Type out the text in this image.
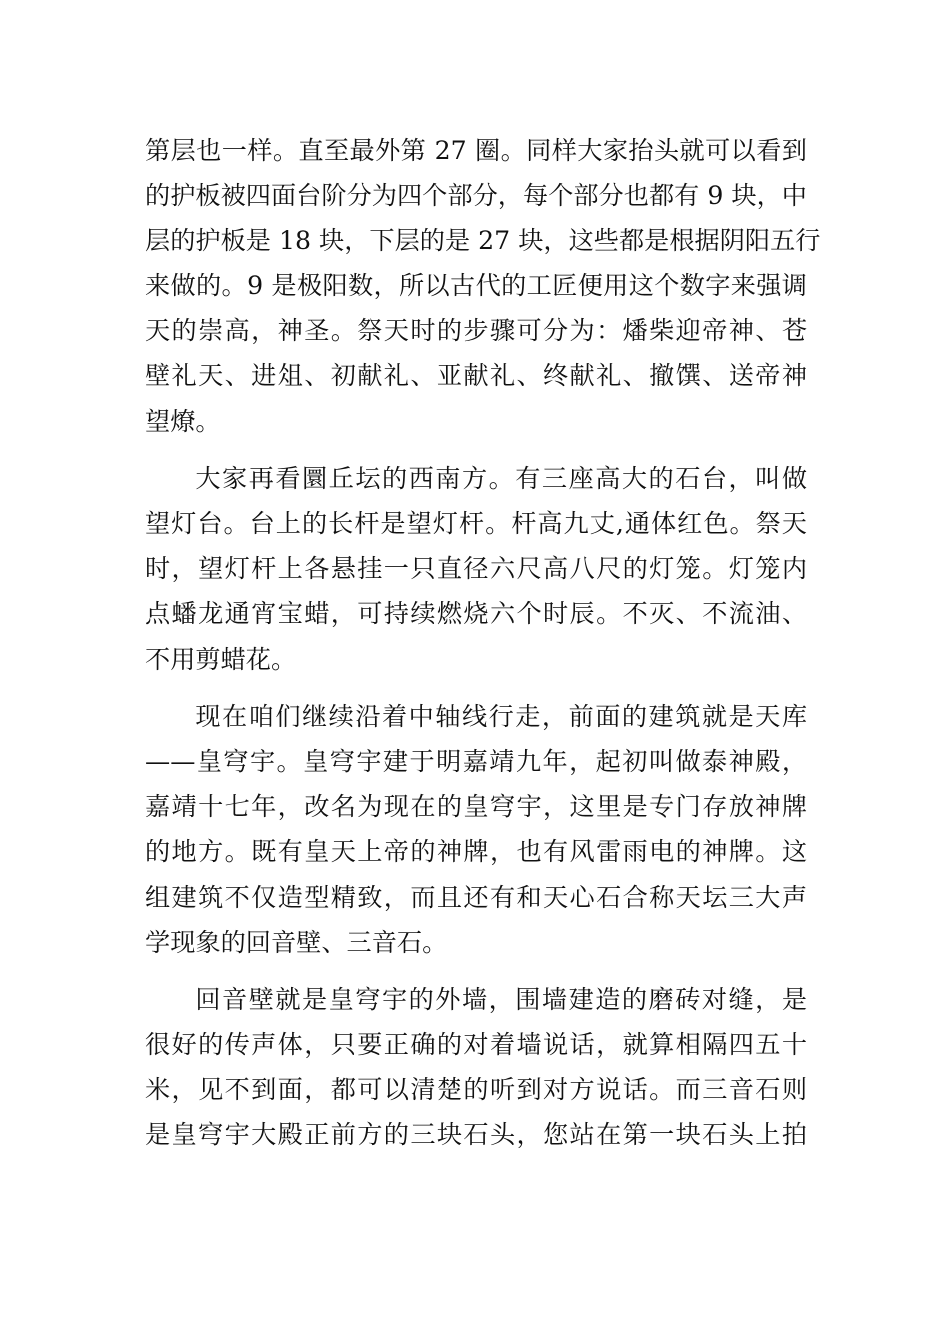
第层也一样。直至最外第 27 圈。同样大家抬头就可以看到
的护板被四面台阶分为四个部分，每个部分也都有 9 块，中
层的护板是 18 块，下层的是 27 块，这些都是根据阴阳五行
来做的。9 是极阳数，所以古代的工匠便用这个数字来强调
天的崇高，神圣。祭天时的步骤可分为：燔柴迎帝神、苍
壁礼天、进俎、初献礼、亚献礼、终献礼、撤馔、送帝神
望燎。
大家再看圜丘坛的西南方。有三座高大的石台，叫做
望灯台。台上的长杆是望灯杆。杆高九丈,通体红色。祭天
时，望灯杆上各悬挂一只直径六尺高八尺的灯笼。灯笼内
点蟠龙通宵宝蜡，可持续燃烧六个时辰。不灭、不流油、
不用剪蜡花。
现在咱们继续沿着中轴线行走，前面的建筑就是天库
——皇穹宇。皇穹宇建于明嘉靖九年，起初叫做泰神殿，
嘉靖十七年，改名为现在的皇穹宇，这里是专门存放神牌
的地方。既有皇天上帝的神牌，也有风雷雨电的神牌。这
组建筑不仅造型精致，而且还有和天心石合称天坛三大声
学现象的回音壁、三音石。
回音壁就是皇穹宇的外墙，围墙建造的磨砖对缝，是
很好的传声体，只要正确的对着墙说话，就算相隔四五十
米，见不到面，都可以清楚的听到对方说话。而三音石则
是皇穹宇大殿正前方的三块石头，您站在第一块石头上拍
